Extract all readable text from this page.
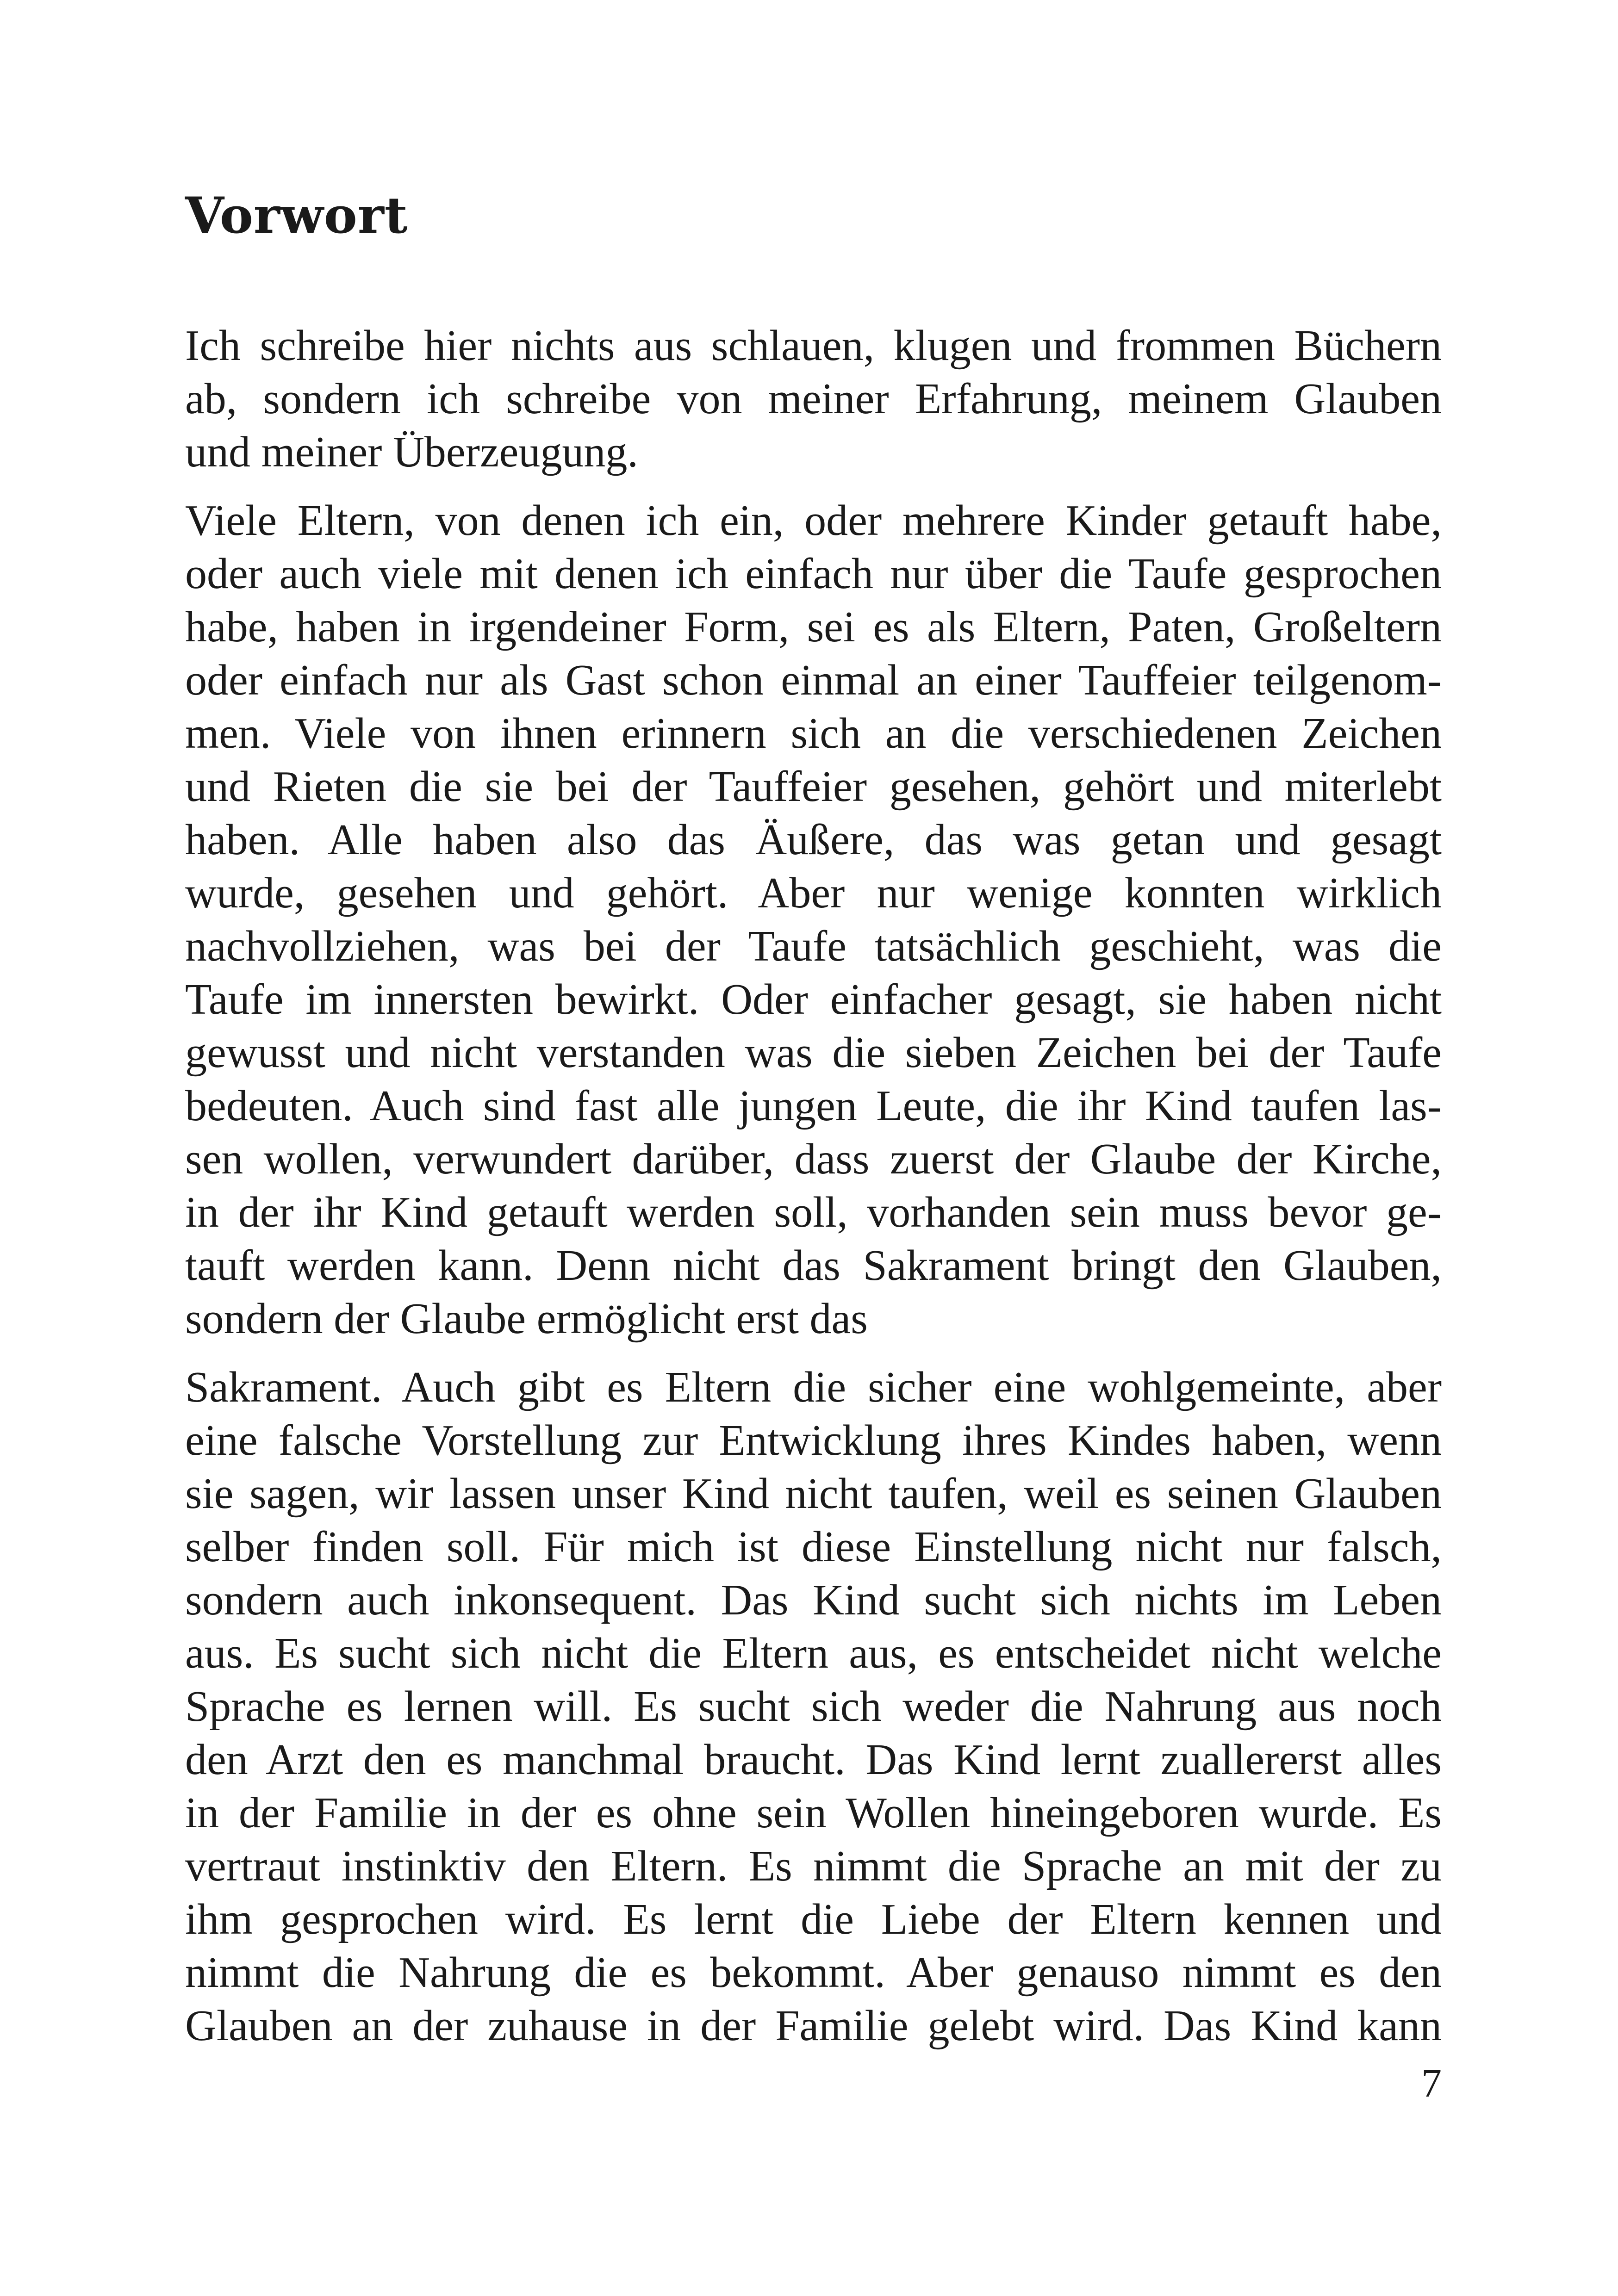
Vorwort

Ich schreibe hier nichts aus schlauen, klugen und frommen Büchern
ab, sondern ich schreibe von meiner Erfahrung, meinem Glauben
und meiner Überzeugung.

Viele Eltern, von denen ich ein, oder mehrere Kinder getauft habe,
oder auch viele mit denen ich einfach nur über die Taufe gesprochen
habe, haben in irgendeiner Form, sei es als Eltern, Paten, Großeltern
oder einfach nur als Gast schon einmal an einer Tauffeier teilgenom-
men. Viele von ihnen erinnern sich an die verschiedenen Zeichen
und Rieten die sie bei der Tauffeier gesehen, gehört und miterlebt
haben. Alle haben also das Äußere, das was getan und gesagt
wurde, gesehen und gehört. Aber nur wenige konnten wirklich
nachvollziehen, was bei der Taufe tatsächlich geschieht, was die
Taufe im innersten bewirkt. Oder einfacher gesagt, sie haben nicht
gewusst und nicht verstanden was die sieben Zeichen bei der Taufe
bedeuten. Auch sind fast alle jungen Leute, die ihr Kind taufen las-
sen wollen, verwundert darüber, dass zuerst der Glaube der Kirche,
in der ihr Kind getauft werden soll, vorhanden sein muss bevor ge-
tauft werden kann. Denn nicht das Sakrament bringt den Glauben,
sondern der Glaube ermöglicht erst das

Sakrament. Auch gibt es Eltern die sicher eine wohlgemeinte, aber
eine falsche Vorstellung zur Entwicklung ihres Kindes haben, wenn
sie sagen, wir lassen unser Kind nicht taufen, weil es seinen Glauben
selber finden soll. Für mich ist diese Einstellung nicht nur falsch,
sondern auch inkonsequent. Das Kind sucht sich nichts im Leben
aus. Es sucht sich nicht die Eltern aus, es entscheidet nicht welche
Sprache es lernen will. Es sucht sich weder die Nahrung aus noch
den Arzt den es manchmal braucht. Das Kind lernt zuallererst alles
in der Familie in der es ohne sein Wollen hineingeboren wurde. Es
vertraut instinktiv den Eltern. Es nimmt die Sprache an mit der zu
ihm gesprochen wird. Es lernt die Liebe der Eltern kennen und
nimmt die Nahrung die es bekommt. Aber genauso nimmt es den
Glauben an der zuhause in der Familie gelebt wird. Das Kind kann

7
